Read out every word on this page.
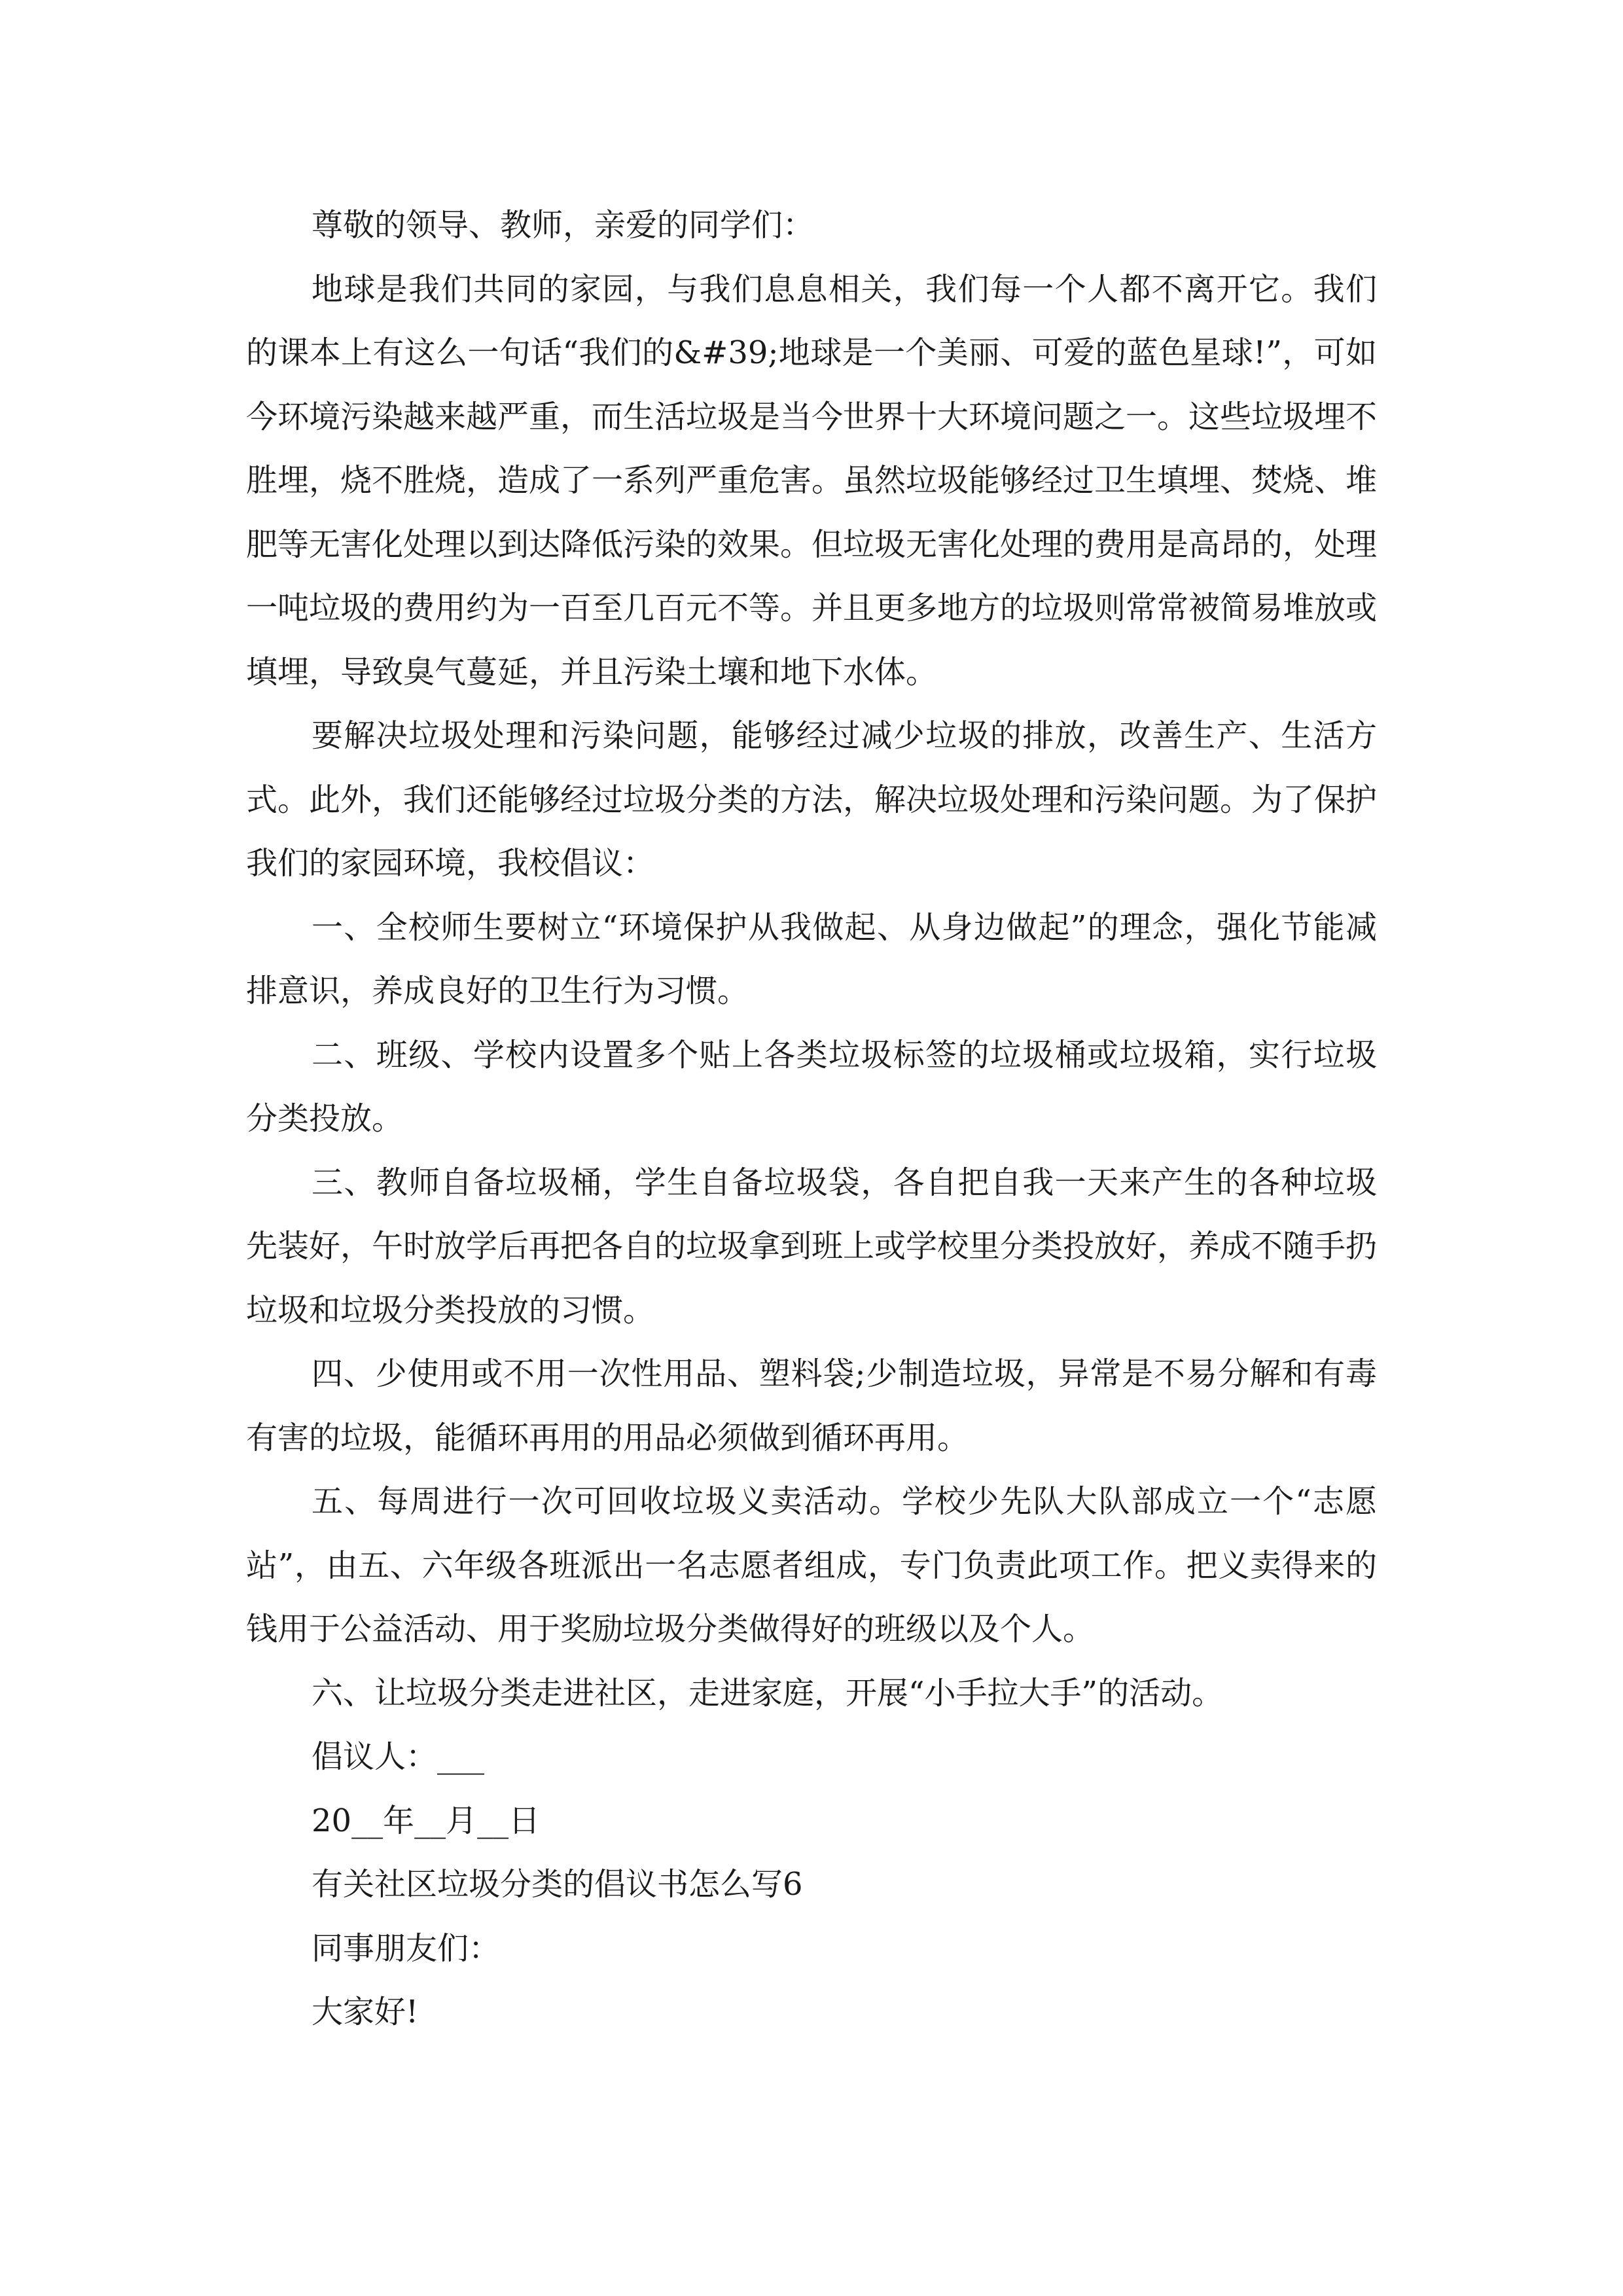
尊敬的领导、教师，亲爱的同学们：

地球是我们共同的家园，与我们息息相关，我们每一个人都不离开它。我们的课本上有这么一句话“我们的&#39;地球是一个美丽、可爱的蓝色星球!”，可如今环境污染越来越严重，而生活垃圾是当今世界十大环境问题之一。这些垃圾埋不胜埋，烧不胜烧，造成了一系列严重危害。虽然垃圾能够经过卫生填埋、焚烧、堆肥等无害化处理以到达降低污染的效果。但垃圾无害化处理的费用是高昂的，处理一吨垃圾的费用约为一百至几百元不等。并且更多地方的垃圾则常常被简易堆放或填埋，导致臭气蔓延，并且污染土壤和地下水体。

要解决垃圾处理和污染问题，能够经过减少垃圾的排放，改善生产、生活方式。此外，我们还能够经过垃圾分类的方法，解决垃圾处理和污染问题。为了保护我们的家园环境，我校倡议：

一、全校师生要树立“环境保护从我做起、从身边做起”的理念，强化节能减排意识，养成良好的卫生行为习惯。

二、班级、学校内设置多个贴上各类垃圾标签的垃圾桶或垃圾箱，实行垃圾分类投放。

三、教师自备垃圾桶，学生自备垃圾袋，各自把自我一天来产生的各种垃圾先装好，午时放学后再把各自的垃圾拿到班上或学校里分类投放好，养成不随手扔垃圾和垃圾分类投放的习惯。

四、少使用或不用一次性用品、塑料袋;少制造垃圾，异常是不易分解和有毒有害的垃圾，能循环再用的用品必须做到循环再用。

五、每周进行一次可回收垃圾义卖活动。学校少先队大队部成立一个“志愿站”，由五、六年级各班派出一名志愿者组成，专门负责此项工作。把义卖得来的钱用于公益活动、用于奖励垃圾分类做得好的班级以及个人。

六、让垃圾分类走进社区，走进家庭，开展“小手拉大手”的活动。

倡议人：___

20__年__月__日

有关社区垃圾分类的倡议书怎么写6

同事朋友们：

大家好!
